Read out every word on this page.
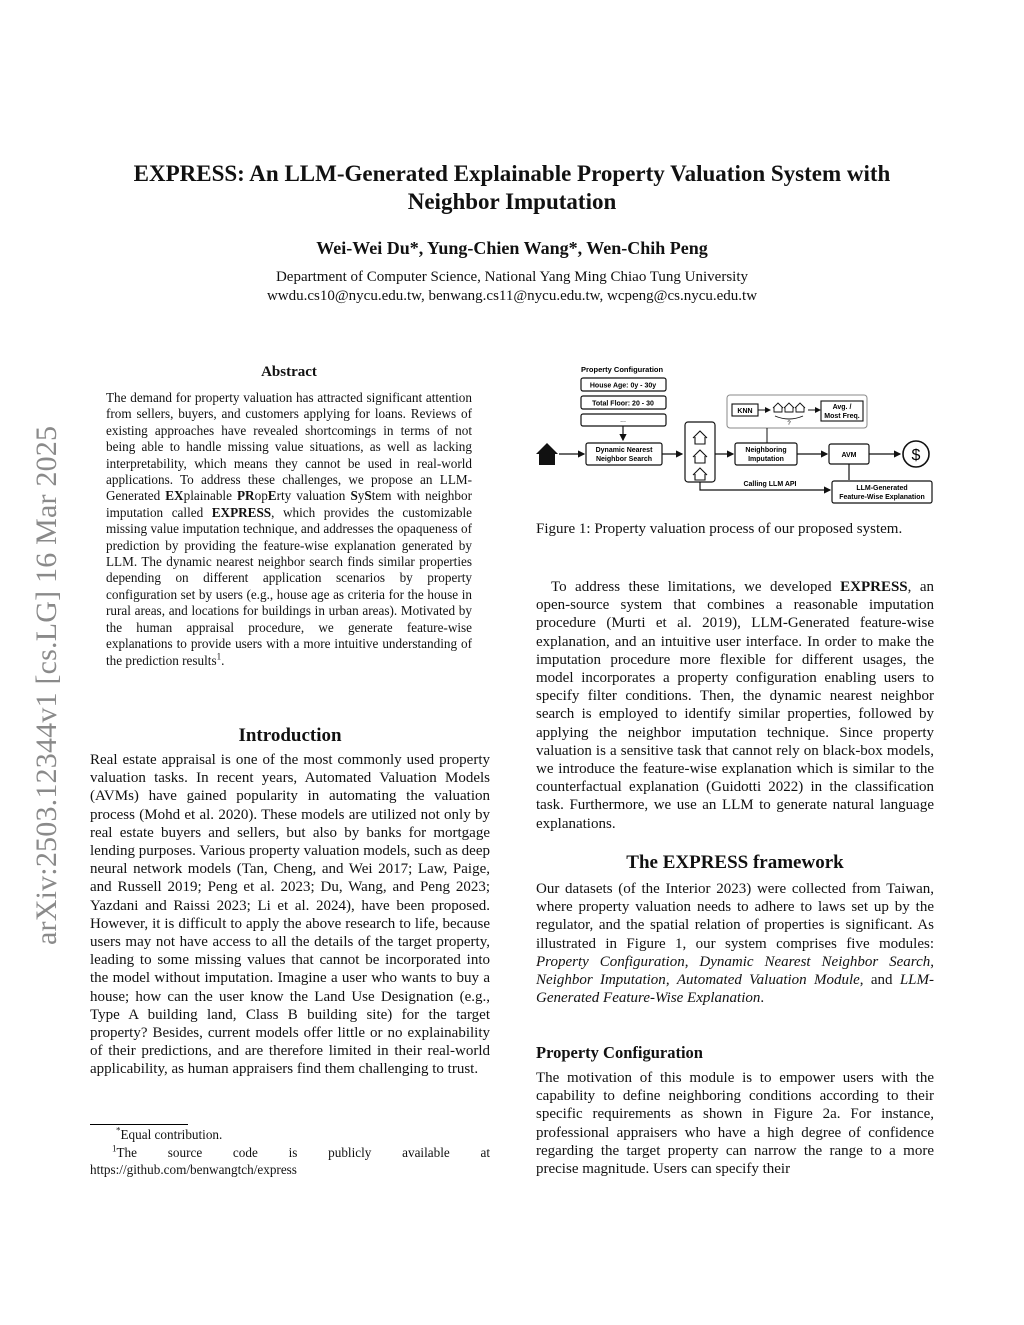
EXPRESS: An LLM-Generated Explainable Property Valuation System with
Neighbor Imputation
Wei-Wei Du*, Yung-Chien Wang*, Wen-Chih Peng
Department of Computer Science, National Yang Ming Chiao Tung University
wwdu.cs10@nycu.edu.tw, benwang.cs11@nycu.edu.tw, wcpeng@cs.nycu.edu.tw
arXiv:2503.12344v1 [cs.LG] 16 Mar 2025
Abstract
The demand for property valuation has attracted significant attention from sellers, buyers, and customers applying for loans. Reviews of existing approaches have revealed shortcomings in terms of not being able to handle missing value situations, as well as lacking interpretability, which means they cannot be used in real-world applications. To address these challenges, we propose an LLM-Generated EXplainable PRopErty valuation SyStem with neighbor imputation called EXPRESS, which provides the customizable missing value imputation technique, and addresses the opaqueness of prediction by providing the feature-wise explanation generated by LLM. The dynamic nearest neighbor search finds similar properties depending on different application scenarios by property configuration set by users (e.g., house age as criteria for the house in rural areas, and locations for buildings in urban areas). Motivated by the human appraisal procedure, we generate feature-wise explanations to provide users with a more intuitive understanding of the prediction results$^1$.
Introduction

Real estate appraisal is one of the most commonly used property valuation tasks. In recent years, Automated Valuation Models (AVMs) have gained popularity in automating the valuation process (Mohd et al. 2020). These models are utilized not only by real estate buyers and sellers, but also by banks for mortgage lending purposes. Various property valuation models, such as deep neural network models (Tan, Cheng, and Wei 2017; Law, Paige, and Russell 2019; Peng et al. 2023; Du, Wang, and Peng 2023; Yazdani and Raissi 2023; Li et al. 2024), have been proposed. However, it is difficult to apply the above research to life, because users may not have access to all the details of the target property, leading to some missing values that cannot be incorporated into the model without imputation. Imagine a user who wants to buy a house; how can the user know the Land Use Designation (e.g., Type A building land, Class B building site) for the target property? Besides, current models offer little or no explainability of their predictions, and are therefore limited in their real-world applicability, as human appraisers find them challenging to trust.

*Equal contribution.
$^1$The source code is publicly available at
https://github.com/benwangtch/express
Property Configuration
House Age: 0y - 30y
Total Floor: 20 - 30
...
Dynamic Nearest
Neighbor Search
KNN
?
Avg. /
Most Freq.
Neighboring
Imputation
AVM	$
Calling LLM API
LLM-Generated
Feature-Wise Explanation
Figure 1: Property valuation process of our proposed system.

To address these limitations, we developed EXPRESS, an open-source system that combines a reasonable imputation procedure (Murti et al. 2019), LLM-Generated feature-wise explanation, and an intuitive user interface. In order to make the imputation procedure more flexible for different usages, the model incorporates a property configuration enabling users to specify filter conditions. Then, the dynamic nearest neighbor search is employed to identify similar properties, followed by applying the neighbor imputation technique. Since property valuation is a sensitive task that cannot rely on black-box models, we introduce the feature-wise explanation which is similar to the counterfactual explanation (Guidotti 2022) in the classification task. Furthermore, we use an LLM to generate natural language explanations.

The EXPRESS framework

Our datasets (of the Interior 2023) were collected from Taiwan, where property valuation needs to adhere to laws set up by the regulator, and the spatial relation of properties is significant. As illustrated in Figure 1, our system comprises five modules: Property Configuration, Dynamic Nearest Neighbor Search, Neighbor Imputation, Automated Valuation Module, and LLM-Generated Feature-Wise Explanation.

Property Configuration

The motivation of this module is to empower users with the capability to define neighboring conditions according to their specific requirements as shown in Figure 2a. For instance, professional appraisers who have a high degree of confidence regarding the target property can narrow the range to a more precise magnitude. Users can specify their
